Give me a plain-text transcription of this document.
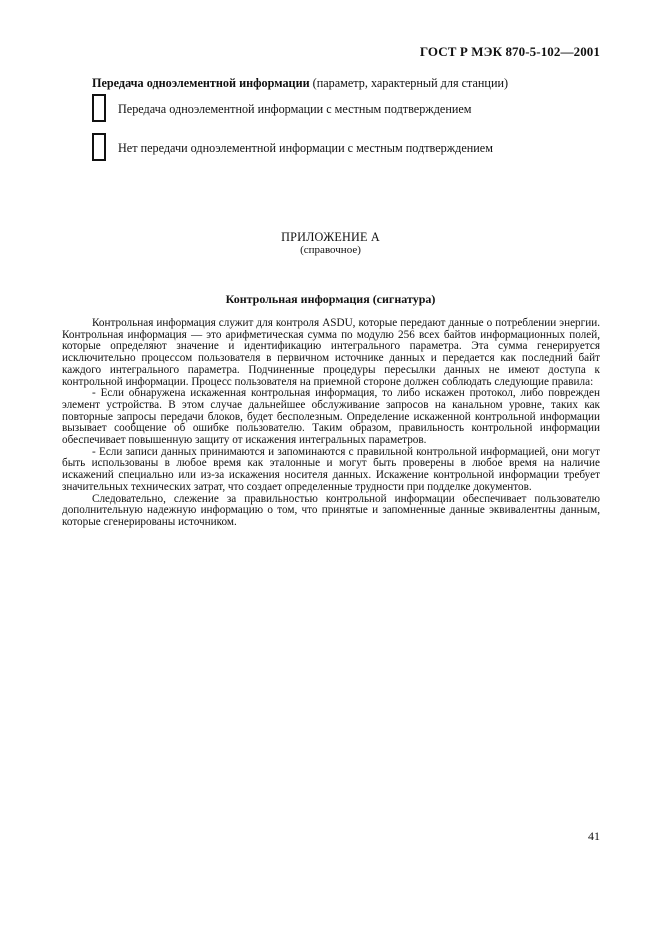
ГОСТ Р МЭК 870-5-102—2001
Передача одноэлементной информации (параметр, характерный для станции)
Передача одноэлементной информации с местным подтверждением
Нет передачи одноэлементной информации с местным подтверждением
ПРИЛОЖЕНИЕ А
(справочное)
Контрольная информация (сигнатура)

Контрольная информация служит для контроля ASDU, которые передают данные о потреблении энергии. Контрольная информация — это арифметическая сумма по модулю 256 всех байтов информационных полей, которые определяют значение и идентификацию интегрального параметра. Эта сумма генерируется исключительно процессом пользователя в первичном источнике данных и передается как последний байт каждого интегрального параметра. Подчиненные процедуры пересылки данных не имеют доступа к контрольной информации. Процесс пользователя на приемной стороне должен соблюдать следующие правила:

- Если обнаружена искаженная контрольная информация, то либо искажен протокол, либо поврежден элемент устройства. В этом случае дальнейшее обслуживание запросов на канальном уровне, таких как повторные запросы передачи блоков, будет бесполезным. Определение искаженной контрольной информации вызывает сообщение об ошибке пользователю. Таким образом, правильность контрольной информации обеспечивает повышенную защиту от искажения интегральных параметров.

- Если записи данных принимаются и запоминаются с правильной контрольной информацией, они могут быть использованы в любое время как эталонные и могут быть проверены в любое время на наличие искажений специально или из-за искажения носителя данных. Искажение контрольной информации требует значительных технических затрат, что создает определенные трудности при подделке документов.

Следовательно, слежение за правильностью контрольной информации обеспечивает пользователю дополнительную надежную информацию о том, что принятые и запомненные данные эквивалентны данным, которые сгенерированы источником.

41
